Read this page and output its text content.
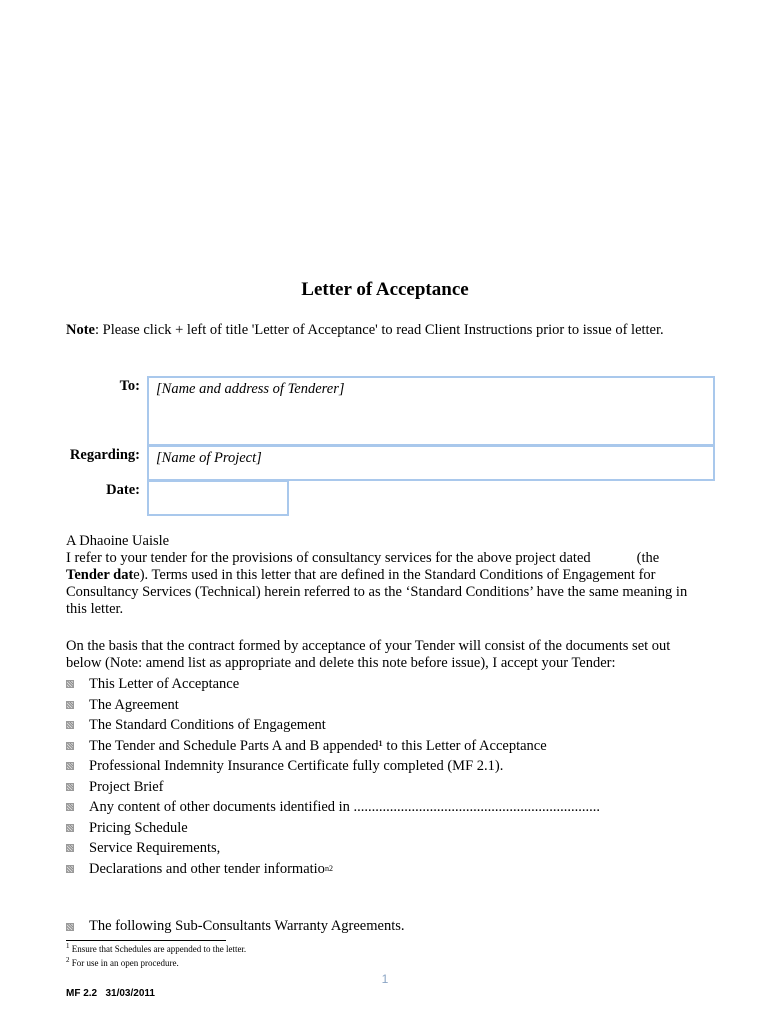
Letter of Acceptance
Note: Please click + left of title 'Letter of Acceptance' to read Client Instructions prior to issue of letter.
To:	[Name and address of Tenderer]
Regarding:	[Name of Project]
Date:
A Dhaoine Uaisle
I refer to your tender for the provisions of consultancy services for the above project dated	(the Tender date). Terms used in this letter that are defined in the Standard Conditions of Engagement for Consultancy Services (Technical) herein referred to as the ‘Standard Conditions’ have the same meaning in this letter.
On the basis that the contract formed by acceptance of your Tender will consist of the documents set out below (Note: amend list as appropriate and delete this note before issue), I accept your Tender:
This Letter of Acceptance
The Agreement
The Standard Conditions of Engagement
The Tender and Schedule Parts A and B appended¹ to this Letter of Acceptance
Professional Indemnity Insurance Certificate fully completed (MF 2.1).
Project Brief
Any content of other documents identified in ....................................................................
Pricing Schedule
Service Requirements,
Declarations and other tender informatio n2
The following Sub-Consultants Warranty Agreements.
$^1$ Ensure that Schedules are appended to the letter.
$^2$ For use in an open procedure.
1
MF 2.2   31/03/2011
